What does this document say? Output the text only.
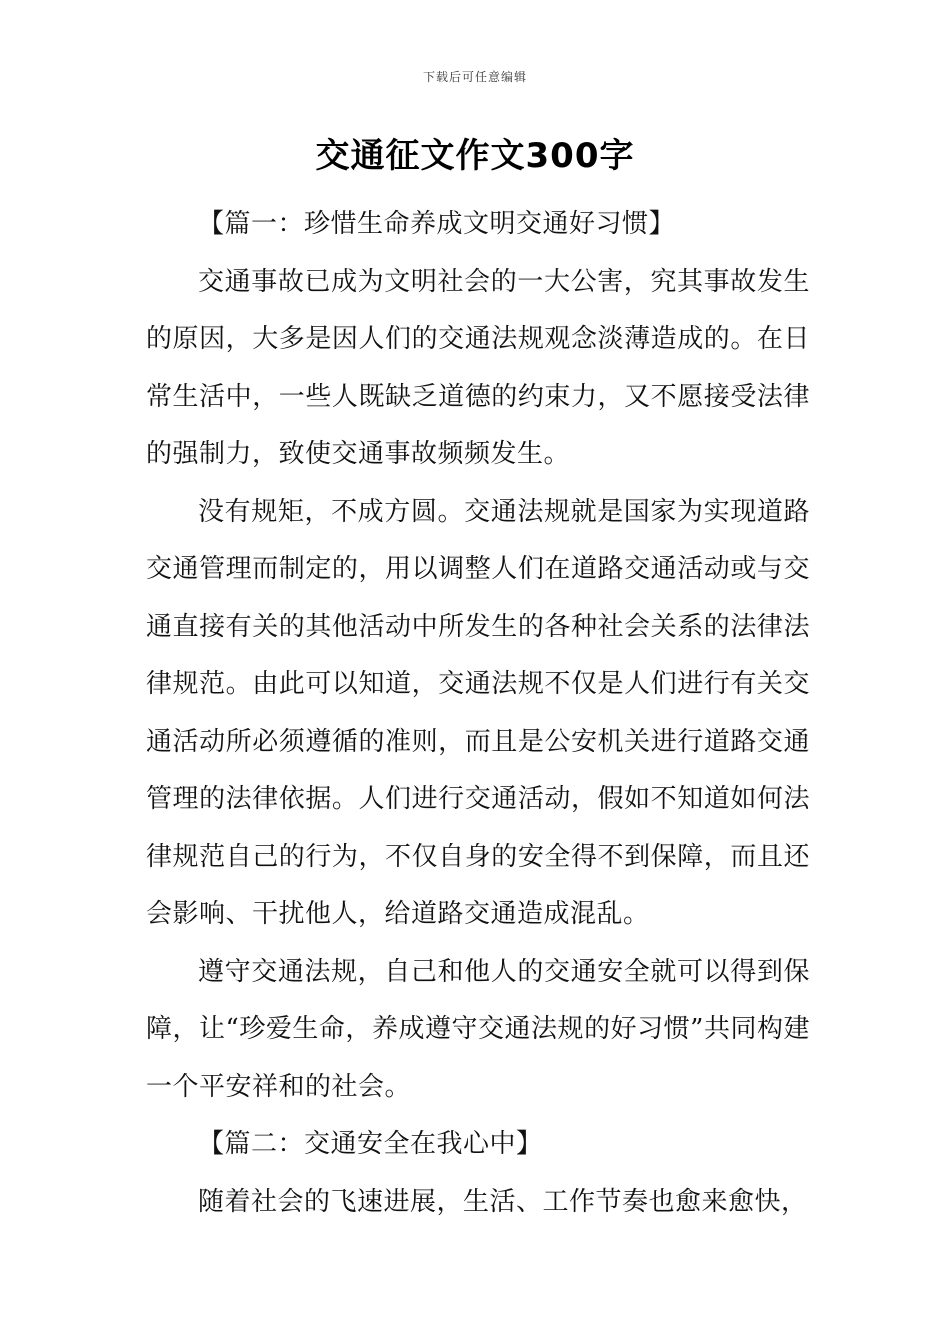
下载后可任意编辑
交通征文作文300字
【篇一：珍惜生命养成文明交通好习惯】

交通事故已成为文明社会的一大公害，究其事故发生的原因，大多是因人们的交通法规观念淡薄造成的。在日常生活中，一些人既缺乏道德的约束力，又不愿接受法律的强制力，致使交通事故频频发生。

没有规矩，不成方圆。交通法规就是国家为实现道路交通管理而制定的，用以调整人们在道路交通活动或与交通直接有关的其他活动中所发生的各种社会关系的法律法律规范。由此可以知道，交通法规不仅是人们进行有关交通活动所必须遵循的准则，而且是公安机关进行道路交通管理的法律依据。人们进行交通活动，假如不知道如何法律规范自己的行为，不仅自身的安全得不到保障，而且还会影响、干扰他人，给道路交通造成混乱。

遵守交通法规，自己和他人的交通安全就可以得到保障，让“珍爱生命，养成遵守交通法规的好习惯”共同构建一个平安祥和的社会。

【篇二：交通安全在我心中】

随着社会的飞速进展，生活、工作节奏也愈来愈快，
